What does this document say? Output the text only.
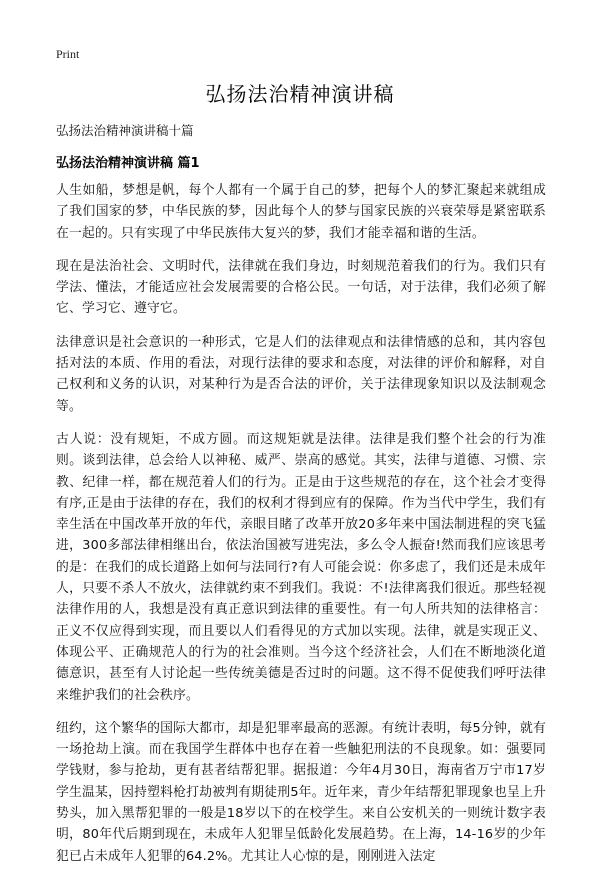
Print
弘扬法治精神演讲稿
弘扬法治精神演讲稿十篇
弘扬法治精神演讲稿 篇1

人生如船，梦想是帆，每个人都有一个属于自己的梦，把每个人的梦汇聚起来就组成了我们国家的梦，中华民族的梦，因此每个人的梦与国家民族的兴衰荣辱是紧密联系在一起的。只有实现了中华民族伟大复兴的梦，我们才能幸福和谐的生活。

现在是法治社会、文明时代，法律就在我们身边，时刻规范着我们的行为。我们只有学法、懂法，才能适应社会发展需要的合格公民。一句话，对于法律，我们必须了解它、学习它、遵守它。

法律意识是社会意识的一种形式，它是人们的法律观点和法律情感的总和，其内容包括对法的本质、作用的看法，对现行法律的要求和态度，对法律的评价和解释，对自己权利和义务的认识，对某种行为是否合法的评价，关于法律现象知识以及法制观念等。

古人说：没有规矩，不成方圆。而这规矩就是法律。法律是我们整个社会的行为准则。谈到法律，总会给人以神秘、威严、崇高的感觉。其实，法律与道德、习惯、宗教、纪律一样，都在规范着人们的行为。正是由于这些规范的存在，这个社会才变得有序,正是由于法律的存在，我们的权利才得到应有的保障。作为当代中学生，我们有幸生活在中国改革开放的年代，亲眼目睹了改革开放20多年来中国法制进程的突飞猛进，300多部法律相继出台，依法治国被写进宪法，多么令人振奋!然而我们应该思考的是：在我们的成长道路上如何与法同行?有人可能会说：你多虑了，我们还是未成年人，只要不杀人不放火，法律就约束不到我们。我说：不!法律离我们很近。那些轻视法律作用的人，我想是没有真正意识到法律的重要性。有一句人所共知的法律格言：正义不仅应得到实现，而且要以人们看得见的方式加以实现。法律，就是实现正义、体现公平、正确规范人的行为的社会准则。当今这个经济社会，人们在不断地淡化道德意识，甚至有人讨论起一些传统美德是否过时的问题。这不得不促使我们呼吁法律来维护我们的社会秩序。

纽约，这个繁华的国际大都市，却是犯罪率最高的恶源。有统计表明，每5分钟，就有一场抢劫上演。而在我国学生群体中也存在着一些触犯刑法的不良现象。如：强要同学钱财，参与抢劫，更有甚者结帮犯罪。据报道：今年4月30日，海南省万宁市17岁学生温某，因持塑料枪打劫被判有期徒刑5年。近年来，青少年结帮犯罪现象也呈上升势头，加入黑帮犯罪的一般是18岁以下的在校学生。来自公安机关的一则统计数字表明，80年代后期到现在，未成年人犯罪呈低龄化发展趋势。在上海，14-16岁的少年犯已占未成年人犯罪的64.2%。尤其让人心惊的是，刚刚进入法定
